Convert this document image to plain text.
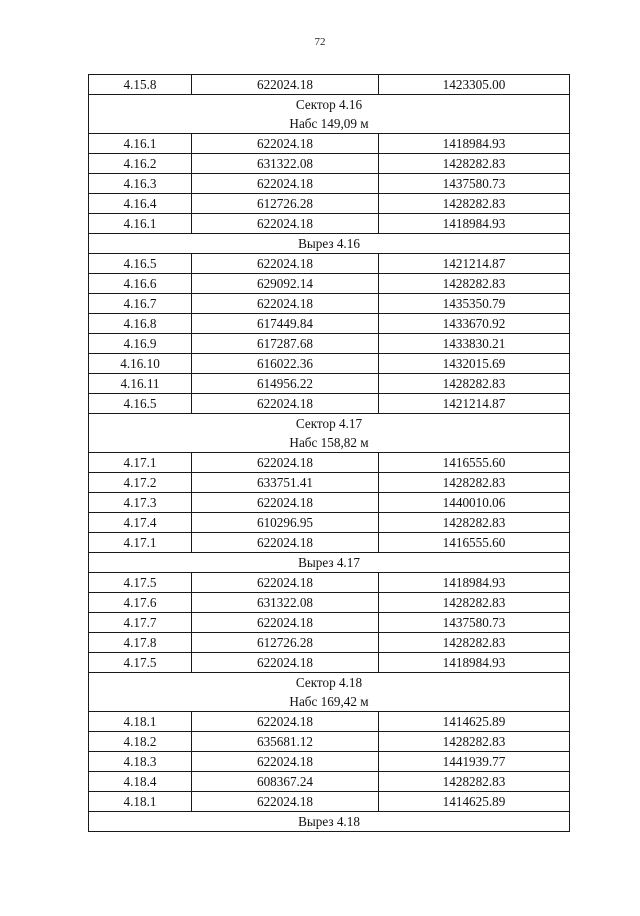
72
4.15.8	622024.18	1423305.00

Сектор 4.16
Набс 149,09 м		

4.16.1	622024.18	1418984.93
4.16.2	631322.08	1428282.83
4.16.3	622024.18	1437580.73
4.16.4	612726.28	1428282.83
4.16.1	622024.18	1418984.93

Вырез 4.16		

4.16.5	622024.18	1421214.87
4.16.6	629092.14	1428282.83
4.16.7	622024.18	1435350.79
4.16.8	617449.84	1433670.92
4.16.9	617287.68	1433830.21
4.16.10	616022.36	1432015.69
4.16.11	614956.22	1428282.83
4.16.5	622024.18	1421214.87

Сектор 4.17
Набс 158,82 м		

4.17.1	622024.18	1416555.60
4.17.2	633751.41	1428282.83
4.17.3	622024.18	1440010.06
4.17.4	610296.95	1428282.83
4.17.1	622024.18	1416555.60

Вырез 4.17		

4.17.5	622024.18	1418984.93
4.17.6	631322.08	1428282.83
4.17.7	622024.18	1437580.73
4.17.8	612726.28	1428282.83
4.17.5	622024.18	1418984.93

Сектор 4.18
Набс 169,42 м		

4.18.1	622024.18	1414625.89
4.18.2	635681.12	1428282.83
4.18.3	622024.18	1441939.77
4.18.4	608367.24	1428282.83
4.18.1	622024.18	1414625.89

Вырез 4.18		
